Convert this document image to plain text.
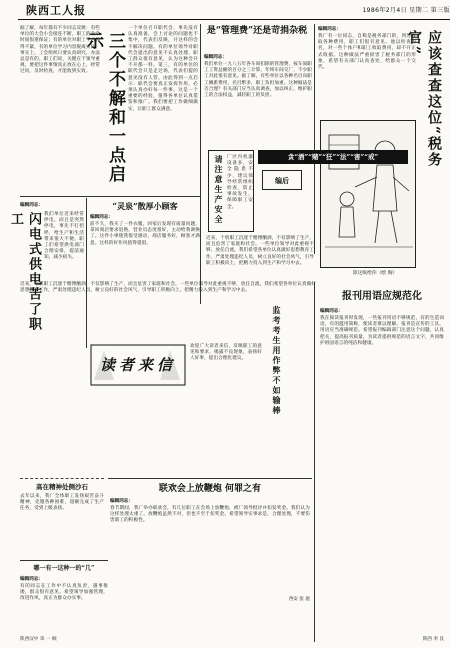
陕西工人报	1986年2月4日 星期二 第三版
据了解，每年都有不少同志反映：有些单位的大会小会接连不断，职工的业余时间很难保证；有的单位对职工学习抓得不紧，有的单位学习内容脱离实际。事实上，工会组织只要认真研究，办法总是有的。职工们说，关键在于领导重视，要把这件事情真正放在心上，经常过问，及时检查，才能收到实效。 三个不解和一点启示
一个单位召开职代会，事先没有认真准备，会上讨论的问题也不集中，代表们反映，开这样的会不解决问题。有的单位领导对职代会提出的意见不认真处理，职工群众很有意见，认为这种会开不开都一样。第三，有的单位的职代会只是走过场，代表们提的意见没有人管。由此得到一点启示：职代会要真正发挥作用，必须认真办好每一件事。这是一个重要的经验，值得各单位认真借鉴和推广。我们要把工作做细做实，让职工群众满意。
是“管理费”还是苛捐杂税
编辑同志：
我们单位一九八五年各车间扣除的管理费，按车间职工工资总额的百分之三计算，年终车间交厂，不少职工对此很有意见。据了解，有些单位以各种名目向职工摊派费用，名目繁多，职工负担加重。这种做法是否合理？有关部门应当认真调查，加以纠正，维护职工的合法权益，减轻职工的负担。
编辑同志：
我厂有一位同志，自称是税务部门的，到处收取各种费用，职工们很有意见。他以检查为名，对一些个体户和职工收取费用，却不开正式收据。这种做法严重损害了税务部门的形象，希望有关部门认真查处，给群众一个交代。	应该查查这位“税务官”
算这账给你（绘 陶）
请注意生产安全 厂区内机器设备多，安全隐患不少，建议领导经常组织检查，防止事故发生，保障职工安全。
贪“酒”“赌”“狂”“法”“害”“戒”
编后
近来，个别职工沉迷于赌博酗酒，不仅影响了生产，而且危害了家庭和社会。一些单位领导对此重视不够，放任自流。我们希望各单位认真做好思想教育工作，严肃处理违纪人员，树立良好的社会风气，引导职工积极向上，把精力投入到生产和学习中去。
编辑同志：
闪电式供电苦了职工	我们单位近来经常停电，而且是突然停电，事先不打招呼，给生产和生活带来很大不便。职工们希望供电部门合理安排，提前通知，减少损失。
“灵泉”散厚小顾客
编辑同志：
前不久，我买了一件衣服，回家后发现有质量问题，拿回商店要求退换，营业员态度很好，主动给我调换了。这件小事使我很受感动，商店服务好，顾客才满意。这样的好作风值得提倡。
读者来信
欢迎广大读者来信，反映职工的意见和要求，揭露不良现象，表扬好人好事，提出合理化建议。	监考考生用作弊不如输棒
近来，个别职工沉迷于赌博酗酒，不仅影响了生产，而且危害了家庭和社会。一些单位领导对此重视不够，放任自流。我们希望各单位认真做好思想教育工作，严肃处理违纪人员，树立良好的社会风气，引导职工积极向上，把精力投入到生产和学习中去。
报刊用语应规范化
编辑同志：
我在阅读报刊时发现，一些报刊用语不够规范，有的生造词语，有的滥用简称，使读者难以理解。报刊是宣传的工具，用语应当准确规范。希望报刊编辑部门注意这个问题，认真把关，提高报刊质量，为读者提供规范的语言文字，共同维护祖国语言的纯洁和健康。
高在精神处侧沙石
去年以来，我厂全体职工发扬艰苦奋斗精神，克服各种困难，超额完成了生产任务，受到上级表扬。
联欢会上放鞭炮 何罪之有
编辑同志：
春节期间，我厂举办联欢会，有几位职工在会场上放鞭炮，被厂领导批评并扣发奖金。我们认为这样处理太重了。放鞭炮虽然不对，但也不至于扣奖金。希望领导实事求是，合理处理，不要伤害职工的积极性。
哪一有一这种一的“几”
编辑同志：
有的同志在工作中不认真负责，遇事推诿，群众很有意见。希望领导加强管理，改进作风，真正为群众办实事。
陕西汉中 章 一 顾
西安 张 庭
陕西 李 良
